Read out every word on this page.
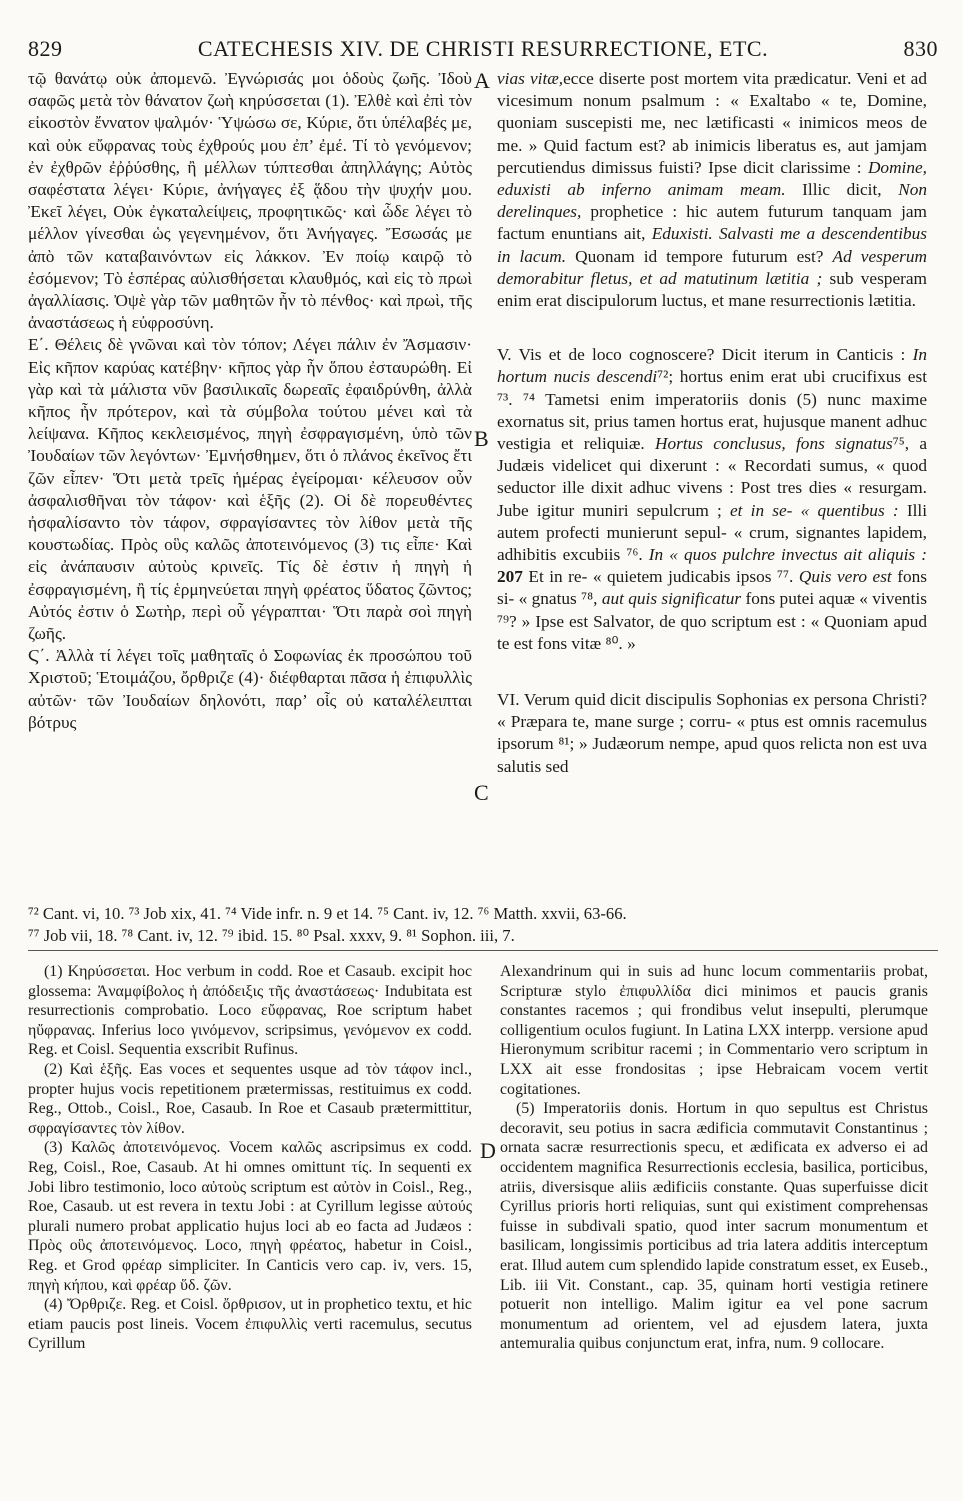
829	CATECHESIS XIV. DE CHRISTI RESURRECTIONE, ETC.	830
A
B
C
D

τῷ θανάτῳ οὐκ ἀπομενῶ. Ἐγνώρισάς μοι ὁδοὺς ζωῆς. Ἰδοὺ σαφῶς μετὰ τὸν θάνατον ζωὴ κηρύσσεται (1). Ἐλθὲ καὶ ἐπὶ τὸν εἰκοστὸν ἔννατον ψαλμόν· Ὑψώσω σε, Κύριε, ὅτι ὑπέλαβές με, καὶ οὐκ εὔφρανας τοὺς ἐχθρούς μου ἐπ’ ἐμέ. Τί τὸ γενόμενον; ἐν ἐχθρῶν ἐῤῥύσθης, ἢ μέλλων τύπτεσθαι ἀπηλλάγης; Αὐτὸς σαφέστατα λέγει· Κύριε, ἀνήγαγες ἐξ ᾅδου τὴν ψυχήν μου. Ἐκεῖ λέγει, Οὐκ ἐγκαταλείψεις, προφητικῶς· καὶ ὧδε λέγει τὸ μέλλον γίνεσθαι ὡς γεγενημένον, ὅτι Ἀνήγαγες. Ἔσωσάς με ἀπὸ τῶν καταβαινόντων εἰς λάκκον. Ἐν ποίῳ καιρῷ τὸ ἐσόμενον; Τὸ ἑσπέρας αὐλισθήσεται κλαυθμός, καὶ εἰς τὸ πρωὶ ἀγαλλίασις. Ὀψὲ γὰρ τῶν μαθητῶν ἦν τὸ πένθος· καὶ πρωὶ, τῆς ἀναστάσεως ἡ εὐφροσύνη.

Ε΄. Θέλεις δὲ γνῶναι καὶ τὸν τόπον; Λέγει πάλιν ἐν Ἄσμασιν· Εἰς κῆπον καρύας κατέβην· κῆπος γὰρ ἦν ὅπου ἐσταυρώθη. Εἰ γὰρ καὶ τὰ μάλιστα νῦν βασιλικαῖς δωρεαῖς ἐφαιδρύνθη, ἀλλὰ κῆπος ἦν πρότερον, καὶ τὰ σύμβολα τούτου μένει καὶ τὰ λείψανα. Κῆπος κεκλεισμένος, πηγὴ ἐσφραγισμένη, ὑπὸ τῶν Ἰουδαίων τῶν λεγόντων· Ἐμνήσθημεν, ὅτι ὁ πλάνος ἐκεῖνος ἔτι ζῶν εἶπεν· Ὅτι μετὰ τρεῖς ἡμέρας ἐγείρομαι· κέλευσον οὖν ἀσφαλισθῆναι τὸν τάφον· καὶ ἑξῆς (2). Οἱ δὲ πορευθέντες ἠσφαλίσαντο τὸν τάφον, σφραγίσαντες τὸν λίθον μετὰ τῆς κουστωδίας. Πρὸς οὓς καλῶς ἀποτεινόμενος (3) τις εἶπε· Καὶ εἰς ἀνάπαυσιν αὐτοὺς κρινεῖς. Τίς δὲ ἐστιν ἡ πηγὴ ἡ ἐσφραγισμένη, ἢ τίς ἑρμηνεύεται πηγὴ φρέατος ὕδατος ζῶντος; Αὐτός ἐστιν ὁ Σωτὴρ, περὶ οὗ γέγραπται· Ὅτι παρὰ σοὶ πηγὴ ζωῆς.

Ϛ΄. Ἀλλὰ τί λέγει τοῖς μαθηταῖς ὁ Σοφωνίας ἐκ προσώπου τοῦ Χριστοῦ; Ἑτοιμάζου, ὄρθριζε (4)· διέφθαρται πᾶσα ἡ ἐπιφυλλὶς αὐτῶν· τῶν Ἰουδαίων δηλονότι, παρ’ οἷς οὐ καταλέλειπται βότρυς

vias vitæ,ecce diserte post mortem vita prædicatur. Veni et ad vicesimum nonum psalmum : « Exaltabo « te, Domine, quoniam suscepisti me, nec lætificasti « inimicos meos de me. » Quid factum est? ab inimicis liberatus es, aut jamjam percutiendus dimissus fuisti? Ipse dicit clarissime : Domine, eduxisti ab inferno animam meam. Illic dicit, Non derelinques, prophetice : hic autem futurum tanquam jam factum enuntians ait, Eduxisti. Salvasti me a descendentibus in lacum. Quonam id tempore futurum est? Ad vesperum demorabitur fletus, et ad matutinum lætitia ; sub vesperam enim erat discipulorum luctus, et mane resurrectionis lætitia.

V. Vis et de loco cognoscere? Dicit iterum in Canticis : In hortum nucis descendi⁷²; hortus enim erat ubi crucifixus est ⁷³. ⁷⁴ Tametsi enim imperatoriis donis (5) nunc maxime exornatus sit, prius tamen hortus erat, hujusque manent adhuc vestigia et reliquiæ. Hortus conclusus, fons signatus⁷⁵, a Judæis videlicet qui dixerunt : « Recordati sumus, « quod seductor ille dixit adhuc vivens : Post tres dies « resurgam. Jube igitur muniri sepulcrum ; et in se- « quentibus : Illi autem profecti munierunt sepul- « crum, signantes lapidem, adhibitis excubiis ⁷⁶. In « quos pulchre invectus ait aliquis : 207 Et in re- « quietem judicabis ipsos ⁷⁷. Quis vero est fons si- « gnatus ⁷⁸, aut quis significatur fons putei aquæ « viventis ⁷⁹? » Ipse est Salvator, de quo scriptum est : « Quoniam apud te est fons vitæ ⁸⁰. »

VI. Verum quid dicit discipulis Sophonias ex persona Christi? « Præpara te, mane surge ; corru- « ptus est omnis racemulus ipsorum ⁸¹; » Judæorum nempe, apud quos relicta non est uva salutis sed

⁷² Cant. vi, 10. ⁷³ Job xix, 41. ⁷⁴ Vide infr. n. 9 et 14. ⁷⁵ Cant. iv, 12. ⁷⁶ Matth. xxvii, 63-66.
⁷⁷ Job vii, 18. ⁷⁸ Cant. iv, 12. ⁷⁹ ibid. 15. ⁸⁰ Psal. xxxv, 9. ⁸¹ Sophon. iii, 7.

(1) Κηρύσσεται. Hoc verbum in codd. Roe et Casaub. excipit hoc glossema: Ἀναμφίβολος ἡ ἀπόδειξις τῆς ἀναστάσεως· Indubitata est resurrectionis comprobatio. Loco εὔφρανας, Roe scriptum habet ηὔφρανας. Inferius loco γινόμενον, scripsimus, γενόμενον ex codd. Reg. et Coisl. Sequentia exscribit Rufinus.

(2) Καὶ ἑξῆς. Eas voces et sequentes usque ad τὸν τάφον incl., propter hujus vocis repetitionem prætermissas, restituimus ex codd. Reg., Ottob., Coisl., Roe, Casaub. In Roe et Casaub prætermittitur, σφραγίσαντες τὸν λίθον.

(3) Καλῶς ἀποτεινόμενος. Vocem καλῶς ascripsimus ex codd. Reg, Coisl., Roe, Casaub. At hi omnes omittunt τίς. In sequenti ex Jobi libro testimonio, loco αὐτοὺς scriptum est αὐτὸν in Coisl., Reg., Roe, Casaub. ut est revera in textu Jobi : at Cyrillum legisse αὐτούς plurali numero probat applicatio hujus loci ab eo facta ad Judæos : Πρὸς οὓς ἀποτεινόμενος. Loco, πηγὴ φρέατος, habetur in Coisl., Reg. et Grod φρέαρ simpliciter. In Canticis vero cap. iv, vers. 15, πηγὴ κήπου, καὶ φρέαρ ὕδ. ζῶν.

(4) Ὄρθριζε. Reg. et Coisl. ὄρθρισον, ut in prophetico textu, et hic etiam paucis post lineis. Vocem ἐπιφυλλὶς verti racemulus, secutus Cyrillum

Alexandrinum qui in suis ad hunc locum commentariis probat, Scripturæ stylo ἐπιφυλλίδα dici minimos et paucis granis constantes racemos ; qui frondibus velut insepulti, plerumque colligentium oculos fugiunt. In Latina LXX interpp. versione apud Hieronymum scribitur racemi ; in Commentario vero scriptum in LXX ait esse frondositas ; ipse Hebraicam vocem vertit cogitationes.

(5) Imperatoriis donis. Hortum in quo sepultus est Christus decoravit, seu potius in sacra ædificia commutavit Constantinus ; ornata sacræ resurrectionis specu, et ædificata ex adverso ei ad occidentem magnifica Resurrectionis ecclesia, basilica, porticibus, atriis, diversisque aliis ædificiis constante. Quas superfuisse dicit Cyrillus prioris horti reliquias, sunt qui existiment comprehensas fuisse in subdivali spatio, quod inter sacrum monumentum et basilicam, longissimis porticibus ad tria latera additis interceptum erat. Illud autem cum splendido lapide constratum esset, ex Euseb., Lib. iii Vit. Constant., cap. 35, quinam horti vestigia retinere potuerit non intelligo. Malim igitur ea vel pone sacrum monumentum ad orientem, vel ad ejusdem latera, juxta antemuralia quibus conjunctum erat, infra, num. 9 collocare.
